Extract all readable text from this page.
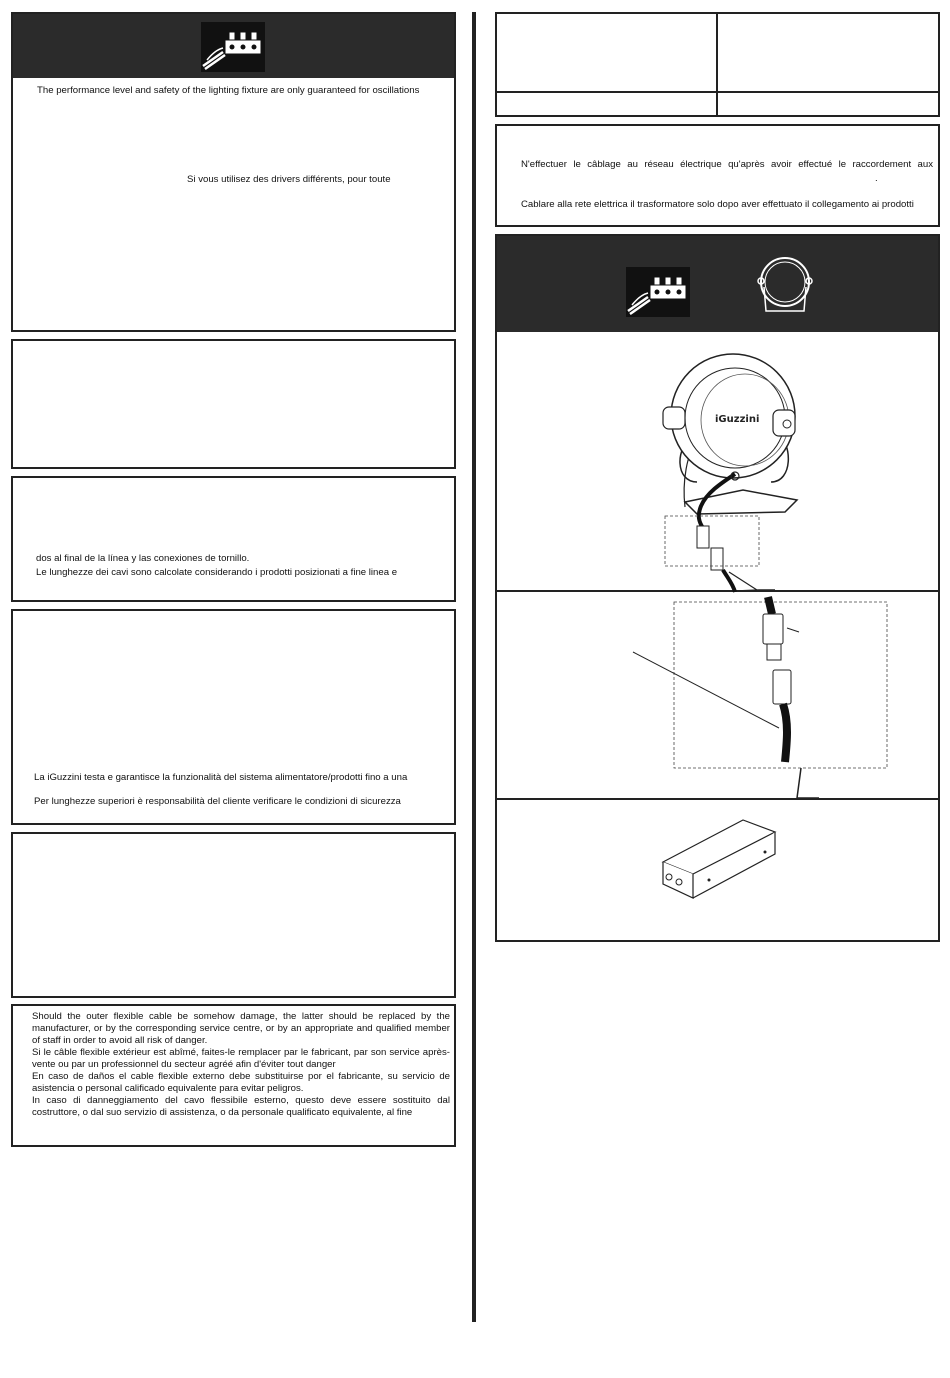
The performance level and safety of the lighting fixture are only guaranteed for oscillations
Si vous utilisez des drivers différents, pour toute
dos al final de la línea y las conexiones de tornillo.
Le lunghezze dei cavi sono calcolate considerando i prodotti posizionati a fine linea e
La iGuzzini testa e garantisce la funzionalità del sistema alimentatore/prodotti fino a una
Per lunghezze superiori è responsabilità del cliente verificare le condizioni di sicurezza

Should the outer flexible cable be somehow damage, the latter should be replaced by the manufacturer, or by the corresponding service centre, or by an appropriate and qualified member of staff in order to avoid all risk of danger.

Si le câble flexible extérieur est abîmé, faites-le remplacer par le fabricant, par son service après-vente ou par un professionnel du secteur agréé afin d'éviter tout danger

En caso de daños el cable flexible externo debe substituirse por el fabricante, su servicio de asistencia o personal calificado equivalente para evitar peligros.

In caso di danneggiamento del cavo flessibile esterno, questo deve essere sostituito dal costruttore, o dal suo servizio di assistenza, o da personale qualificato equivalente, al fine

N'effectuer le câblage au réseau électrique qu'après avoir effectué le raccordement aux
.
Cablare alla rete elettrica il trasformatore solo dopo aver effettuato il collegamento ai prodotti
iGuzzini
